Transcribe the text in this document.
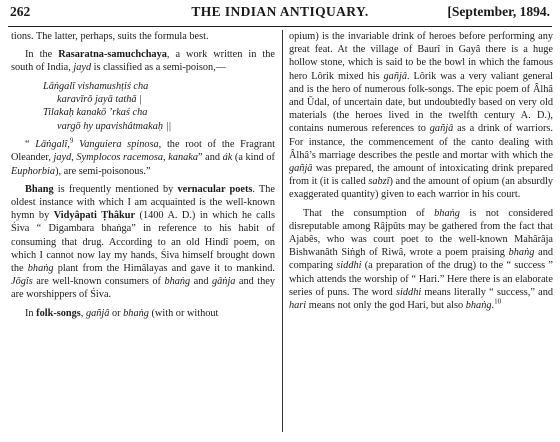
262	THE INDIAN ANTIQUARY.	[September, 1894.

tions. The latter, perhaps, suits the formula best.

In the Rasaratna-samuchchaya, a work written in the south of India, jayd is classified as a semi-poison,—

Lāṅgalī vishamushṭiś cha
karavīrō jayā tathā |
Tilakaḥ kanakō ’rkaś cha
vargō hy upavishâtmakaḥ ||

“ Lāṅgalî,$^9$ Vanguiera spinosa, the root of the Fragrant Oleander, jayd, Symplocos racemosa, kanaka” and ák (a kind of Euphorbia), are semi-poisonous.”

Bhang is frequently mentioned by vernacular poets. The oldest instance with which I am acquainted is the well-known hymn by Vidyâpati Ṭhâkur (1400 A. D.) in which he calls Śiva “ Digambara bhaṅga” in reference to his habit of consuming that drug. According to an old Hindî poem, on which I cannot now lay my hands, Śiva himself brought down the bhaṅg plant from the Himâlayas and gave it to mankind. Jōgîs are well-known consumers of bhaṅg and gâṅja and they are worshippers of Śiva.

In folk-songs, gañjâ or bhaṅg (with or without

opium) is the invariable drink of heroes before performing any great feat. At the village of Baurî in Gayâ there is a huge hollow stone, which is said to be the bowl in which the famous hero Lôrik mixed his gañjâ. Lôrik was a very valiant general and is the hero of numerous folk-songs. The epic poem of Âlhâ and Ūdal, of uncertain date, but undoubtedly based on very old materials (the heroes lived in the twelfth century A. D.), contains numerous references to gañjâ as a drink of warriors. For instance, the commencement of the canto dealing with Âlhâ’s marriage describes the pestle and mortar with which the gañjâ was prepared, the amount of intoxicating drink prepared from it (it is called sabzî) and the amount of opium (an absurdly exaggerated quantity) given to each warrior in his court.

That the consumption of bhaṅg is not considered disreputable among Râjpûts may be gathered from the fact that Ajabês, who was court poet to the well-known Mahârâja Bishwanâth Siṅgh of Riwâ, wrote a poem praising bhaṅg and comparing siddhi (a preparation of the drug) to the “ success ” which attends the worship of “ Hari.” Here there is an elaborate series of puns. The word siddhi means literally “ success,” and hari means not only the god Hari, but also bhaṅg.$^{10}$
